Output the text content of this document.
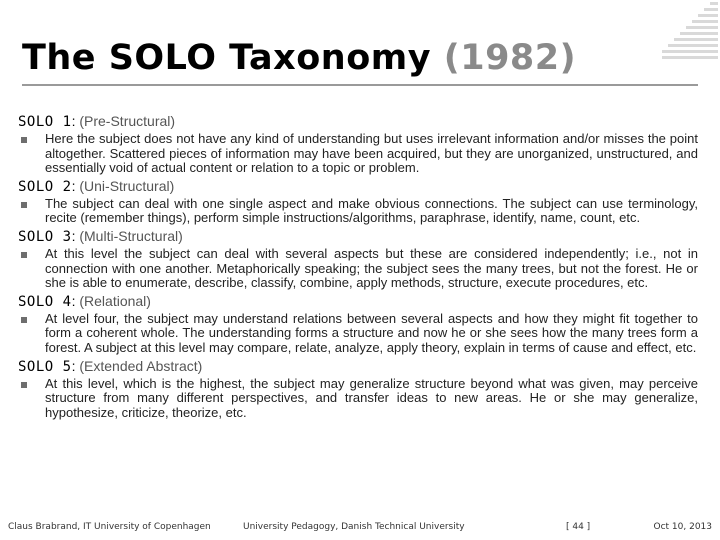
The SOLO Taxonomy (1982)

SOLO 1: (Pre-Structural)

Here the subject does not have any kind of understanding but uses irrelevant information and/or misses the point altogether. Scattered pieces of information may have been acquired, but they are unorganized, unstructured, and essentially void of actual content or relation to a topic or problem.

SOLO 2: (Uni-Structural)

The subject can deal with one single aspect and make obvious connections. The subject can use terminology, recite (remember things), perform simple instructions/algorithms, paraphrase, identify, name, count, etc.

SOLO 3: (Multi-Structural)

At this level the subject can deal with several aspects but these are considered independently; i.e., not in connection with one another. Metaphorically speaking; the subject sees the many trees, but not the forest. He or she is able to enumerate, describe, classify, combine, apply methods, structure, execute procedures, etc.

SOLO 4: (Relational)

At level four, the subject may understand relations between several aspects and how they might fit together to form a coherent whole. The understanding forms a structure and now he or she sees how the many trees form a forest. A subject at this level may compare, relate, analyze, apply theory, explain in terms of cause and effect, etc.

SOLO 5: (Extended Abstract)

At this level, which is the highest, the subject may generalize structure beyond what was given, may perceive structure from many different perspectives, and transfer ideas to new areas. He or she may generalize, hypothesize, criticize, theorize, etc.
Claus Brabrand, IT University of Copenhagen	University Pedagogy, Danish Technical University	[ 44 ]	Oct 10, 2013
